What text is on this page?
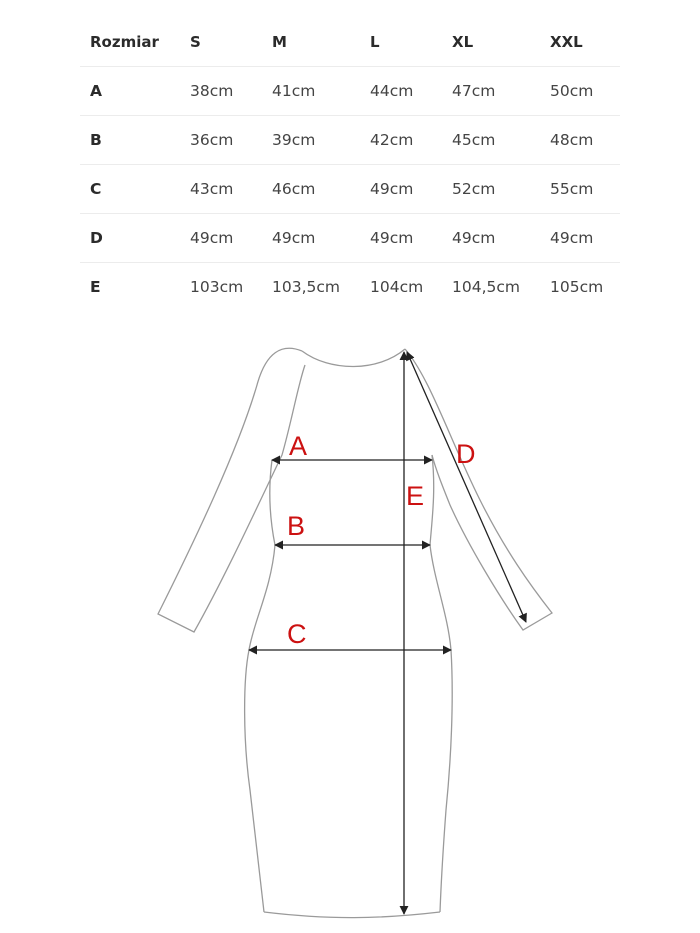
Rozmiar	S	M	L	XL	XXL
A	38cm	41cm	44cm	47cm	50cm
B	36cm	39cm	42cm	45cm	48cm
C	43cm	46cm	49cm	52cm	55cm
D	49cm	49cm	49cm	49cm	49cm
E	103cm	103,5cm	104cm	104,5cm	105cm
A
B
C
D
E
